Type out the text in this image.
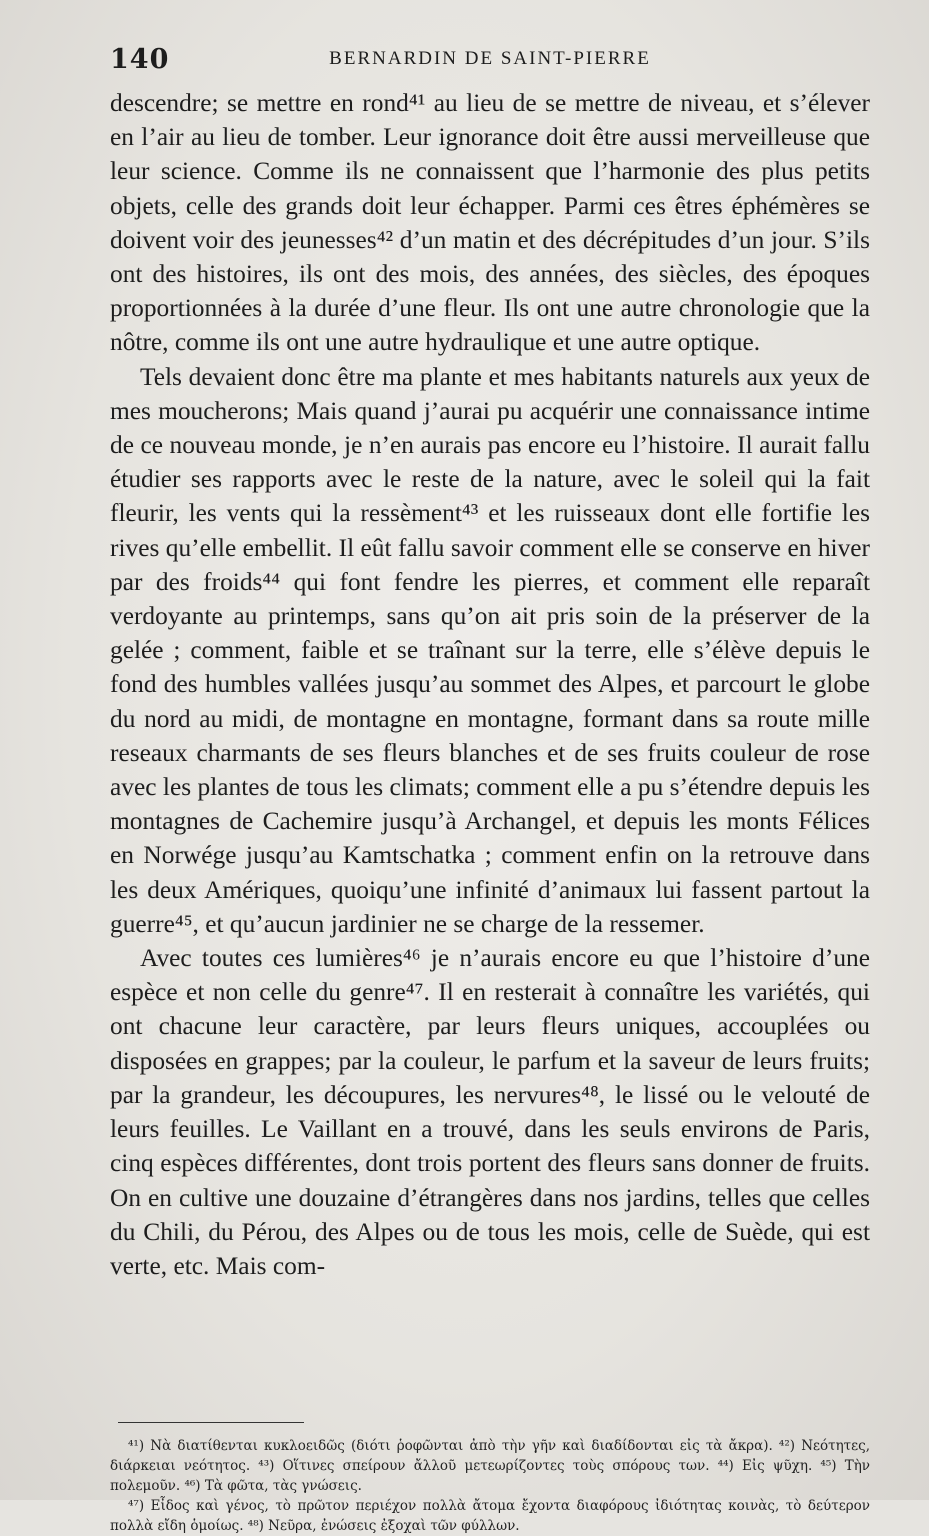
140	BERNARDIN DE SAINT-PIERRE

descendre; se mettre en rond⁴¹ au lieu de se mettre de niveau, et s’élever en l’air au lieu de tomber. Leur ignorance doit être aussi merveilleuse que leur science. Comme ils ne connaissent que l’harmonie des plus petits objets, celle des grands doit leur échapper. Parmi ces êtres éphémères se doivent voir des jeunesses⁴² d’un matin et des décrépitudes d’un jour. S’ils ont des histoires, ils ont des mois, des années, des siècles, des époques proportionnées à la durée d’une fleur. Ils ont une autre chronologie que la nôtre, comme ils ont une autre hydraulique et une autre optique.

Tels devaient donc être ma plante et mes habitants naturels aux yeux de mes moucherons; Mais quand j’aurai pu acquérir une connaissance intime de ce nouveau monde, je n’en aurais pas encore eu l’histoire. Il aurait fallu étudier ses rapports avec le reste de la nature, avec le soleil qui la fait fleurir, les vents qui la ressèment⁴³ et les ruisseaux dont elle fortifie les rives qu’elle embellit. Il eût fallu savoir comment elle se conserve en hiver par des froids⁴⁴ qui font fendre les pierres, et comment elle reparaît verdoyante au printemps, sans qu’on ait pris soin de la préserver de la gelée ; comment, faible et se traînant sur la terre, elle s’élève depuis le fond des humbles vallées jusqu’au sommet des Alpes, et parcourt le globe du nord au midi, de montagne en montagne, formant dans sa route mille reseaux charmants de ses fleurs blanches et de ses fruits couleur de rose avec les plantes de tous les climats; comment elle a pu s’étendre depuis les montagnes de Cachemire jusqu’à Archangel, et depuis les monts Félices en Norwége jusqu’au Kamtschatka ; comment enfin on la retrouve dans les deux Amériques, quoiqu’une infinité d’animaux lui fassent partout la guerre⁴⁵, et qu’aucun jardinier ne se charge de la ressemer.

Avec toutes ces lumières⁴⁶ je n’aurais encore eu que l’histoire d’une espèce et non celle du genre⁴⁷. Il en resterait à connaître les variétés, qui ont chacune leur caractère, par leurs fleurs uniques, accouplées ou disposées en grappes; par la couleur, le parfum et la saveur de leurs fruits; par la grandeur, les découpures, les nervures⁴⁸, le lissé ou le velouté de leurs feuilles. Le Vaillant en a trouvé, dans les seuls environs de Paris, cinq espèces différentes, dont trois portent des fleurs sans donner de fruits. On en cultive une douzaine d’étrangères dans nos jardins, telles que celles du Chili, du Pérou, des Alpes ou de tous les mois, celle de Suède, qui est verte, etc. Mais com-

⁴¹) Νὰ διατίθενται κυκλοειδῶς (διότι ῥοφῶνται ἀπὸ τὴν γῆν καὶ διαδίδονται εἰς τὰ ἄκρα). ⁴²) Νεότητες, διάρκειαι νεότητος. ⁴³) Οἵτινες σπείρουν ἄλλοῦ μετεωρίζοντες τοὺς σπόρους των. ⁴⁴) Εἰς ψῦχη. ⁴⁵) Τὴν πολεμοῦν. ⁴⁶) Τὰ φῶτα, τὰς γνώσεις.

⁴⁷) Εἶδος καὶ γένος, τὸ πρῶτον περιέχον πολλὰ ἄτομα ἔχοντα διαφόρους ἰδιότητας κοινὰς, τὸ δεύτερον πολλὰ εἴδη ὁμοίως. ⁴⁸) Νεῦρα, ἐνώσεις ἐξοχαὶ τῶν φύλλων.
